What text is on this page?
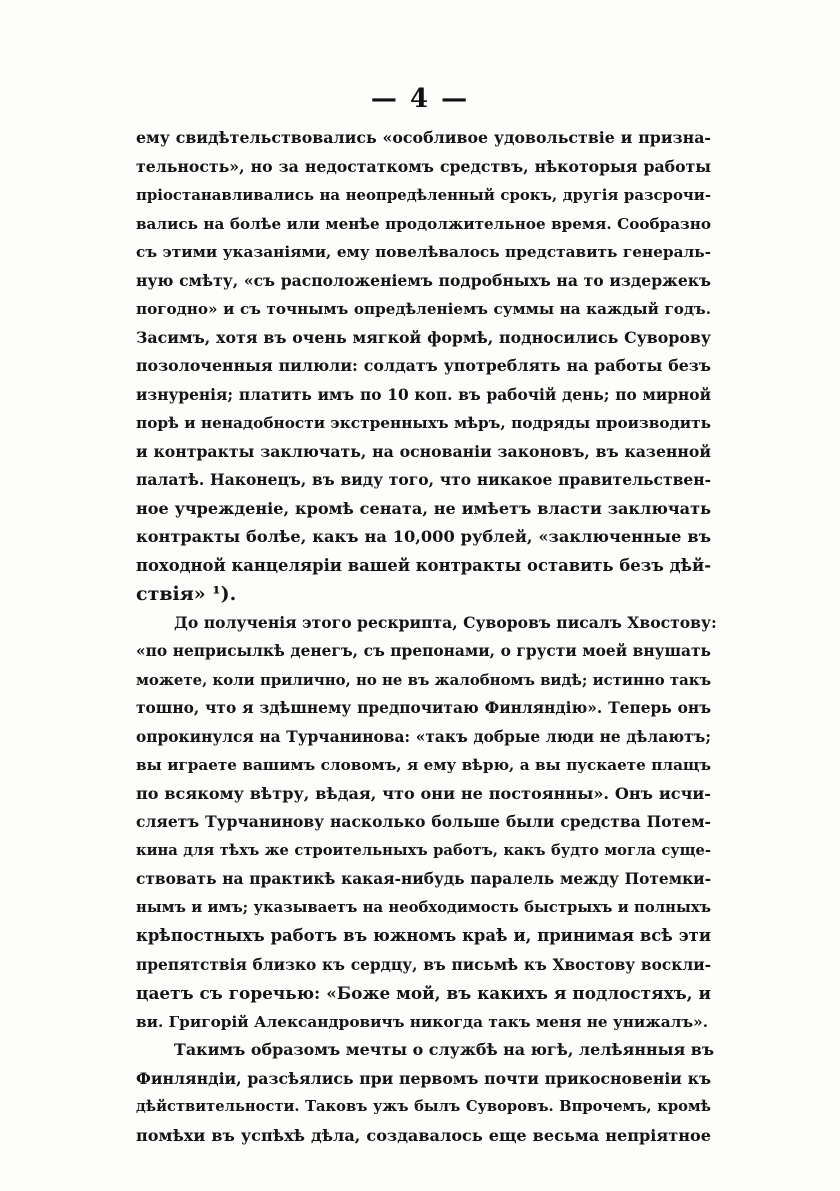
— 4 —
ему свидѣтельствовались «особливое удовольствiе и призна-
тельность», но за недостаткомъ средствъ, нѣкоторыя работы
прiостанавливались на неопредѣленный срокъ, другiя разсрочи-
вались на болѣе или менѣе продолжительное время. Сообразно
съ этими указанiями, ему повелѣвалось представить генераль-
ную смѣту, «съ расположенiемъ подробныхъ на то издержекъ
погодно» и съ точнымъ опредѣленiемъ суммы на каждый годъ.
Засимъ, хотя въ очень мягкой формѣ, подносились Суворову
позолоченныя пилюли: солдатъ употреблять на работы безъ
изнуренiя; платить имъ по 10 коп. въ рабочiй день; по мирной
порѣ и ненадобности экстренныхъ мѣръ, подряды производить
и контракты заключать, на основанiи законовъ, въ казенной
палатѣ. Наконецъ, въ виду того, что никакое правительствен-
ное учрежденiе, кромѣ сената, не имѣетъ власти заключать
контракты болѣе, какъ на 10,000 рублей, «заключенные въ
походной канцелярiи вашей контракты оставить безъ дѣй-
ствiя» ¹).
До полученiя этого рескрипта, Суворовъ писалъ Хвостову:
«по неприсылкѣ денегъ, съ препонами, о грусти моей внушать
можете, коли прилично, но не въ жалобномъ видѣ; истинно такъ
тошно, что я здѣшнему предпочитаю Финляндiю». Теперь онъ
опрокинулся на Турчанинова: «такъ добрые люди не дѣлаютъ;
вы играете вашимъ словомъ, я ему вѣрю, а вы пускаете плащъ
по всякому вѣтру, вѣдая, что они не постоянны». Онъ исчи-
сляетъ Турчанинову насколько больше были средства Потем-
кина для тѣхъ же строительныхъ работъ, какъ будто могла суще-
ствовать на практикѣ какая-нибудь паралель между Потемки-
нымъ и имъ; указываетъ на необходимость быстрыхъ и полныхъ
крѣпостныхъ работъ въ южномъ краѣ и, принимая всѣ эти
препятствiя близко къ сердцу, въ письмѣ къ Хвостову воскли-
цаетъ съ горечью: «Боже мой, въ какихъ я подлостяхъ, и
ви. Григорiй Александровичъ никогда такъ меня не унижалъ».
Такимъ образомъ мечты о службѣ на югѣ, лелѣянныя въ
Финляндiи, разсѣялись при первомъ почти прикосновенiи къ
дѣйствительности. Таковъ ужъ былъ Суворовъ. Впрочемъ, кромѣ
помѣхи въ успѣхѣ дѣла, создавалось еще весьма непрiятное
